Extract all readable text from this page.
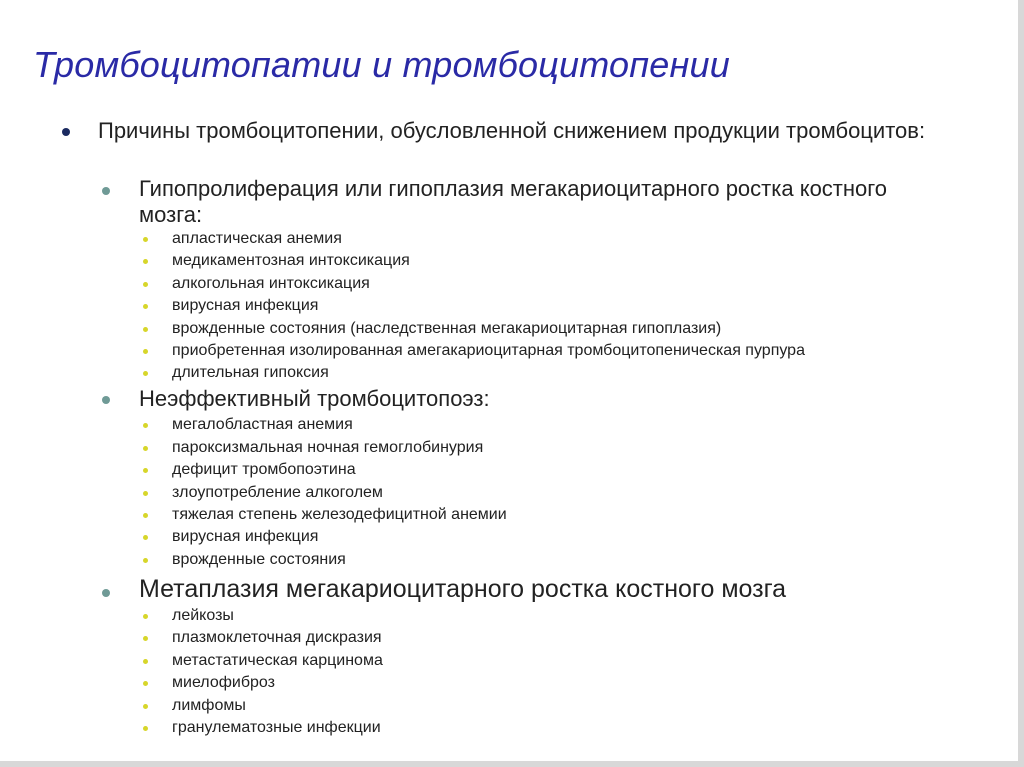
Тромбоцитопатии и тромбоцитопении
Причины тромбоцитопении, обусловленной снижением продукции тромбоцитов:
Гипопролиферация или гипоплазия мегакариоцитарного ростка костного мозга:
апластическая анемия
медикаментозная интоксикация
алкогольная интоксикация
вирусная инфекция
врожденные состояния (наследственная мегакариоцитарная гипоплазия)
приобретенная изолированная амегакариоцитарная тромбоцитопеническая пурпура
длительная гипоксия
Неэффективный тромбоцитопоэз:
мегалобластная анемия
пароксизмальная ночная гемоглобинурия
дефицит тромбопоэтина
злоупотребление алкоголем
тяжелая степень железодефицитной анемии
вирусная инфекция
врожденные состояния
Метаплазия мегакариоцитарного ростка костного мозга
лейкозы
плазмоклеточная дискразия
метастатическая карцинома
миелофиброз
лимфомы
гранулематозные инфекции
